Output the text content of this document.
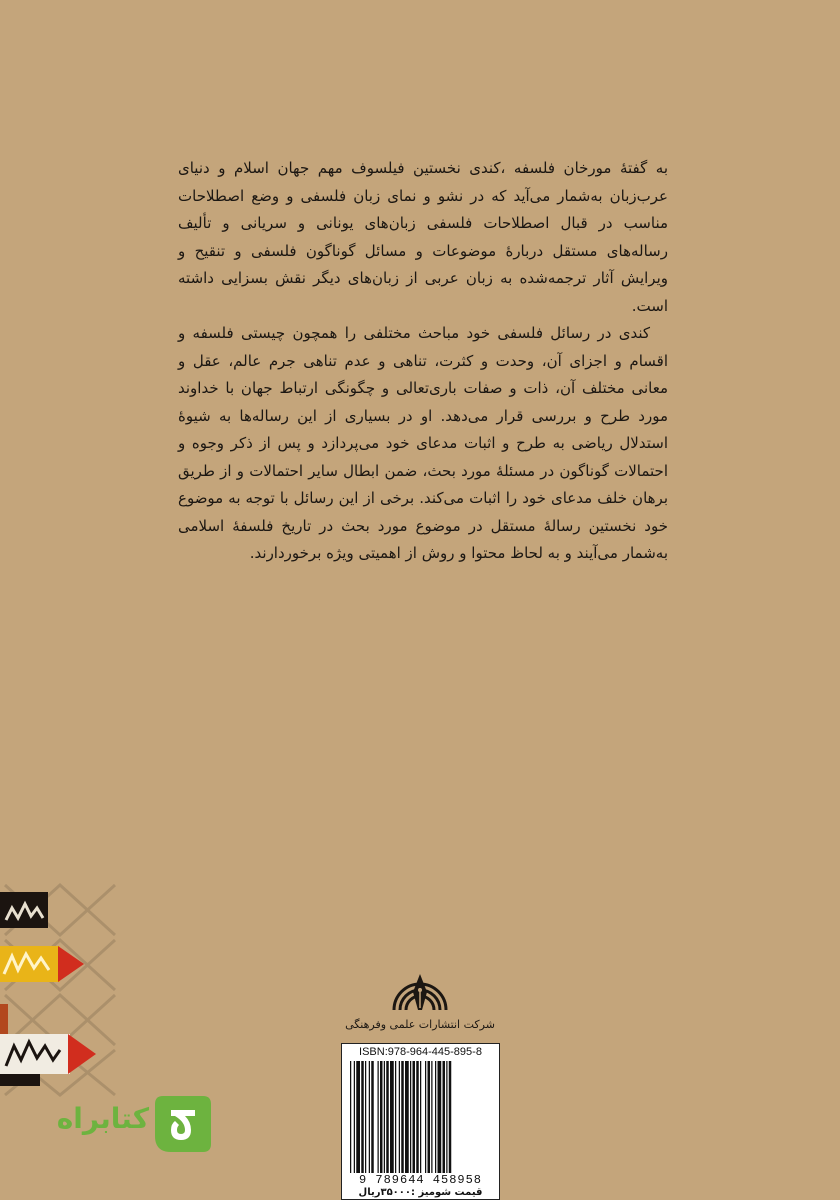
به گفتهٔ مورخان فلسفه ،کندی نخستین فیلسوف مهم جهان اسلام و دنیای عرب‌زبان به‌شمار می‌آید که در نشو و نمای زبان فلسفی و وضع اصطلاحات مناسب در قبال اصطلاحات فلسفی زبان‌های یونانی و سریانی و تألیف رساله‌های مستقل دربارهٔ موضوعات و مسائل گوناگون فلسفی و تنقیح و ویرایش آثار ترجمه‌شده به زبان عربی از زبان‌های دیگر نقش بسزایی داشته است.

کندی در رسائل فلسفی خود مباحث مختلفی را همچون چیستی فلسفه و اقسام و اجزای آن، وحدت و کثرت، تناهی و عدم تناهی جرم عالم، عقل و معانی مختلف آن، ذات و صفات باری‌تعالی و چگونگی ارتباط جهان با خداوند مورد طرح و بررسی قرار می‌دهد. او در بسیاری از این رساله‌ها به شیوهٔ استدلال ریاضی به طرح و اثبات مدعای خود می‌پردازد و پس از ذکر وجوه و احتمالات گوناگون در مسئلهٔ مورد بحث، ضمن ابطال سایر احتمالات و از طریق برهان خلف مدعای خود را اثبات می‌کند. برخی از این رسائل با توجه به موضوع خود نخستین رسالهٔ مستقل در موضوع مورد بحث در تاریخ فلسفهٔ اسلامی به‌شمار می‌آیند و به لحاظ محتوا و روش از اهمیتی ویژه برخوردارند.

شرکت انتشارات علمی وفرهنگی
ISBN:978-964-445-895-8
9 789644 458958
قیمت شومیز :۳۵۰۰۰ریال
کتابراه
